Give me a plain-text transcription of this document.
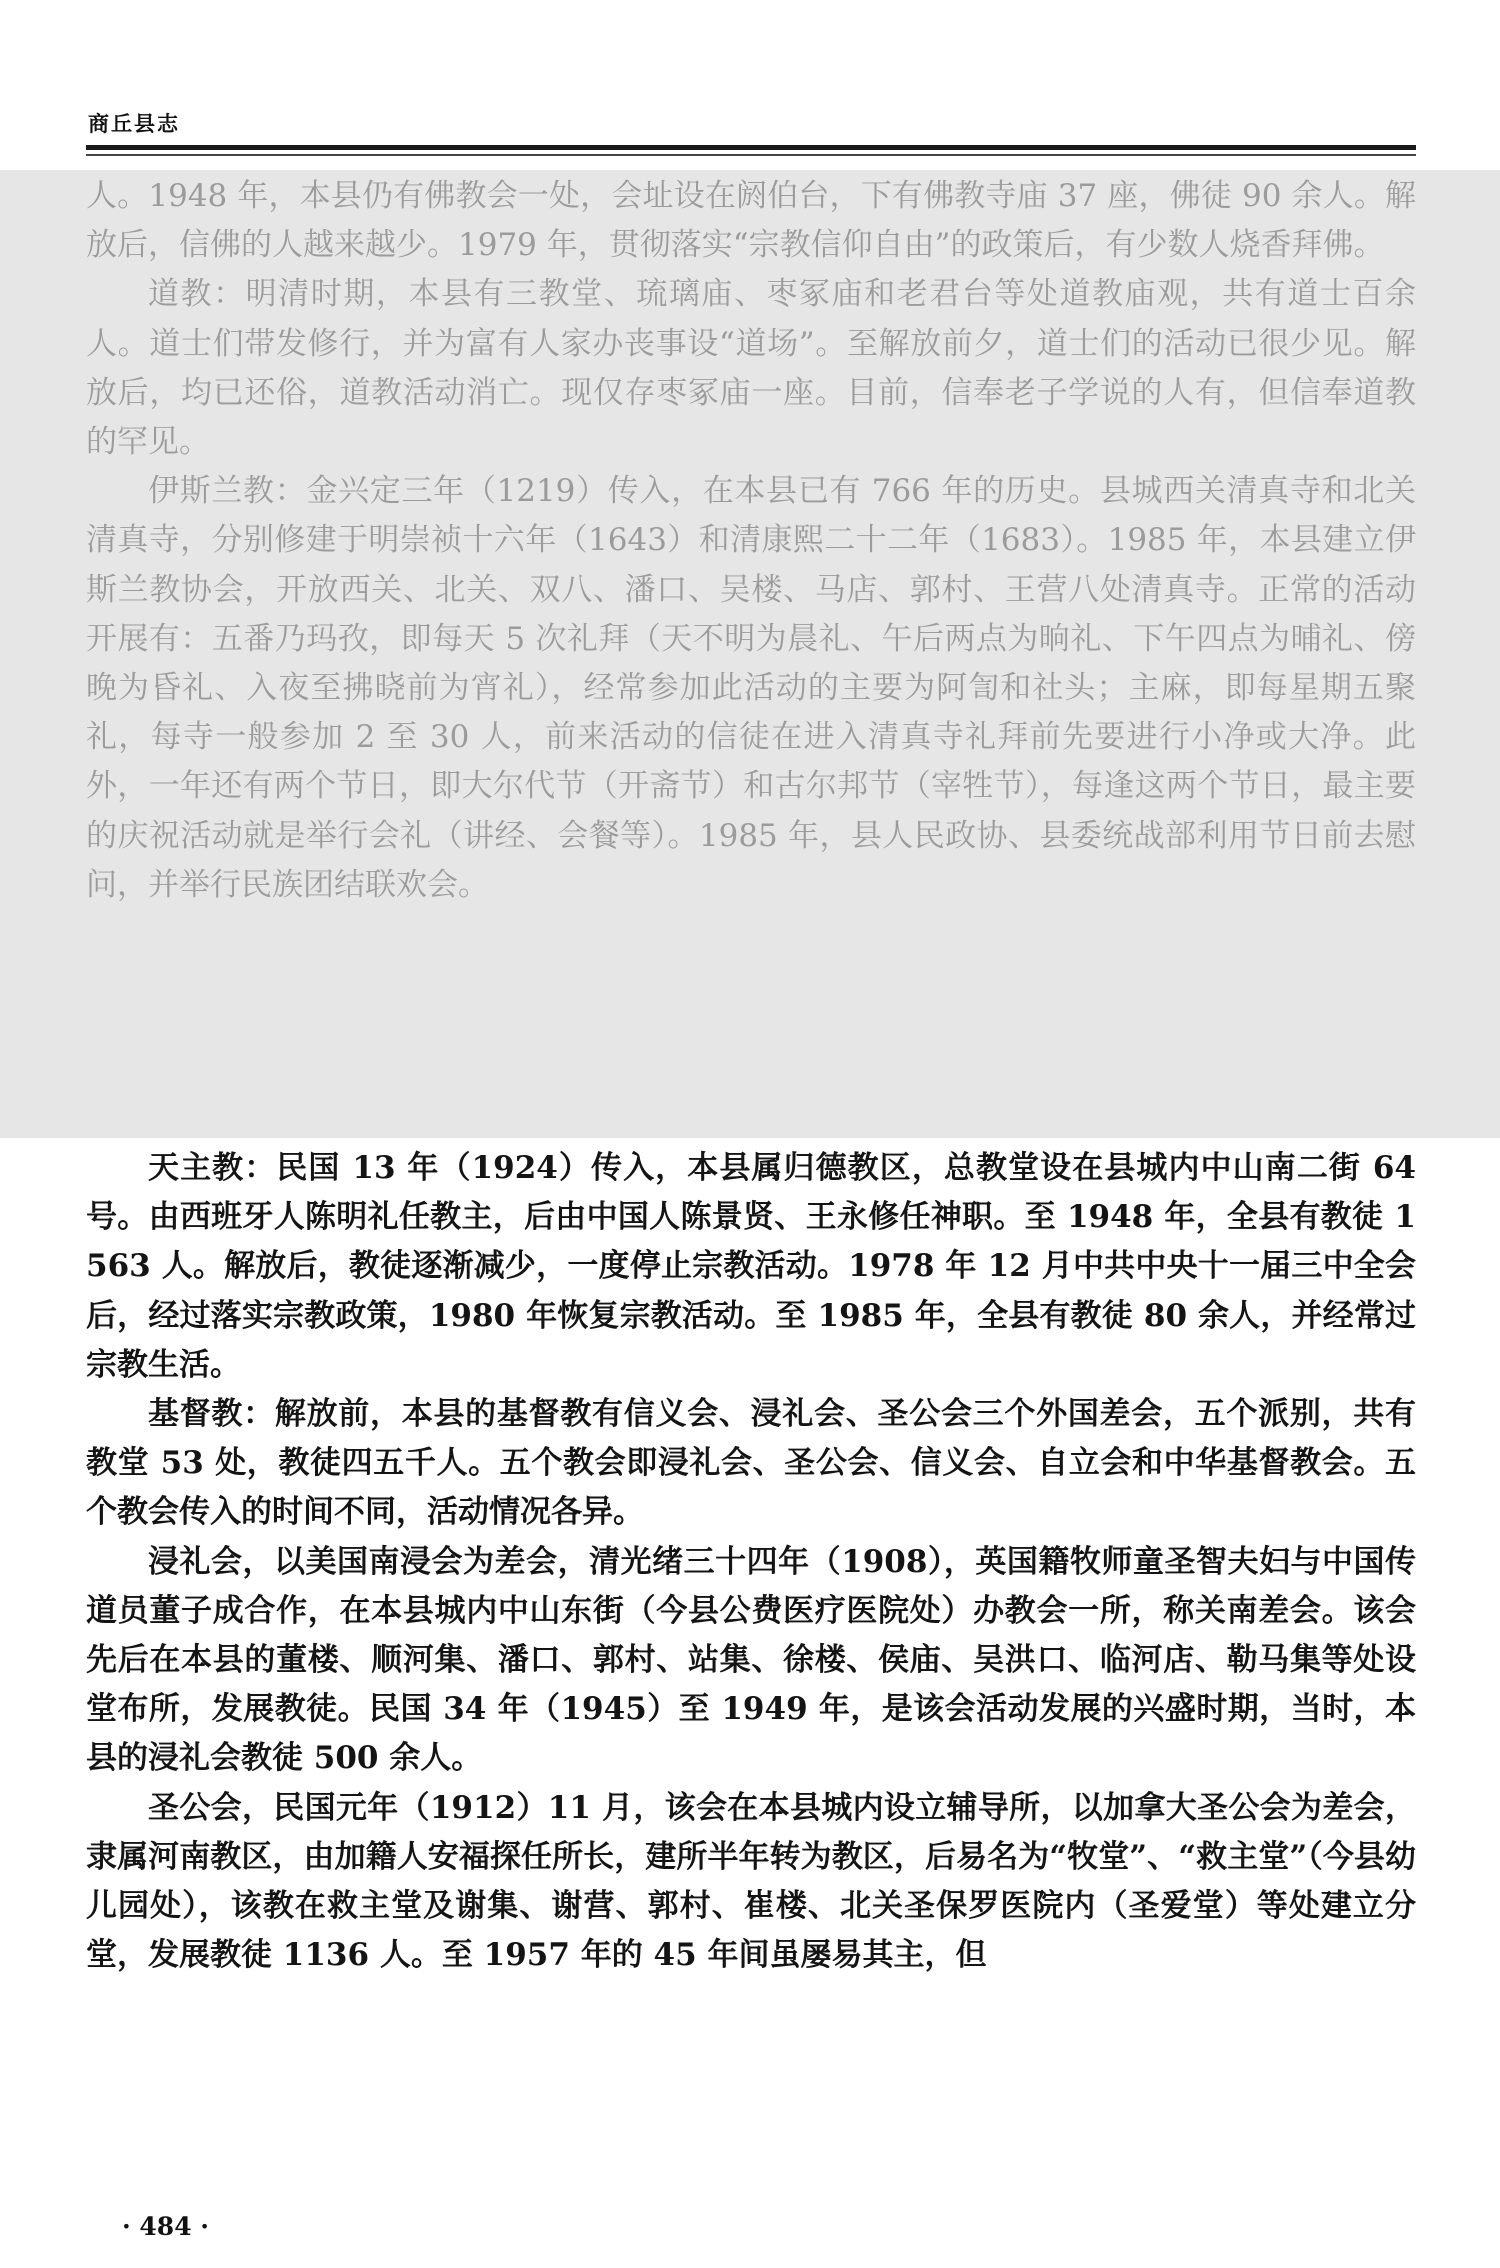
商丘县志

人。1948 年，本县仍有佛教会一处，会址设在阏伯台，下有佛教寺庙 37 座，佛徒 90 余人。解放后，信佛的人越来越少。1979 年，贯彻落实“宗教信仰自由”的政策后，有少数人烧香拜佛。

道教：明清时期，本县有三教堂、琉璃庙、枣冢庙和老君台等处道教庙观，共有道士百余人。道士们带发修行，并为富有人家办丧事设“道场”。至解放前夕，道士们的活动已很少见。解放后，均已还俗，道教活动消亡。现仅存枣冢庙一座。目前，信奉老子学说的人有，但信奉道教的罕见。

伊斯兰教：金兴定三年（1219）传入，在本县已有 766 年的历史。县城西关清真寺和北关清真寺，分别修建于明崇祯十六年（1643）和清康熙二十二年（1683）。1985 年，本县建立伊斯兰教协会，开放西关、北关、双八、潘口、吴楼、马店、郭村、王营八处清真寺。正常的活动开展有：五番乃玛孜，即每天 5 次礼拜（天不明为晨礼、午后两点为晌礼、下午四点为晡礼、傍晚为昏礼、入夜至拂晓前为宵礼），经常参加此活动的主要为阿訇和社头；主麻，即每星期五聚礼，每寺一般参加 2 至 30 人，前来活动的信徒在进入清真寺礼拜前先要进行小净或大净。此外，一年还有两个节日，即大尔代节（开斋节）和古尔邦节（宰牲节），每逢这两个节日，最主要的庆祝活动就是举行会礼（讲经、会餐等）。1985 年，县人民政协、县委统战部利用节日前去慰问，并举行民族团结联欢会。

天主教：民国 13 年（1924）传入，本县属归德教区，总教堂设在县城内中山南二街 64 号。由西班牙人陈明礼任教主，后由中国人陈景贤、王永修任神职。至 1948 年，全县有教徒 1563 人。解放后，教徒逐渐减少，一度停止宗教活动。1978 年 12 月中共中央十一届三中全会后，经过落实宗教政策，1980 年恢复宗教活动。至 1985 年，全县有教徒 80 余人，并经常过宗教生活。

基督教：解放前，本县的基督教有信义会、浸礼会、圣公会三个外国差会，五个派别，共有教堂 53 处，教徒四五千人。五个教会即浸礼会、圣公会、信义会、自立会和中华基督教会。五个教会传入的时间不同，活动情况各异。

浸礼会，以美国南浸会为差会，清光绪三十四年（1908），英国籍牧师童圣智夫妇与中国传道员董子成合作，在本县城内中山东街（今县公费医疗医院处）办教会一所，称关南差会。该会先后在本县的董楼、顺河集、潘口、郭村、站集、徐楼、侯庙、吴洪口、临河店、勒马集等处设堂布所，发展教徒。民国 34 年（1945）至 1949 年，是该会活动发展的兴盛时期，当时，本县的浸礼会教徒 500 余人。

圣公会，民国元年（1912）11 月，该会在本县城内设立辅导所，以加拿大圣公会为差会，隶属河南教区，由加籍人安福探任所长，建所半年转为教区，后易名为“牧堂”、“救主堂”（今县幼儿园处），该教在救主堂及谢集、谢营、郭村、崔楼、北关圣保罗医院内（圣爱堂）等处建立分堂，发展教徒 1136 人。至 1957 年的 45 年间虽屡易其主，但

· 484 ·
